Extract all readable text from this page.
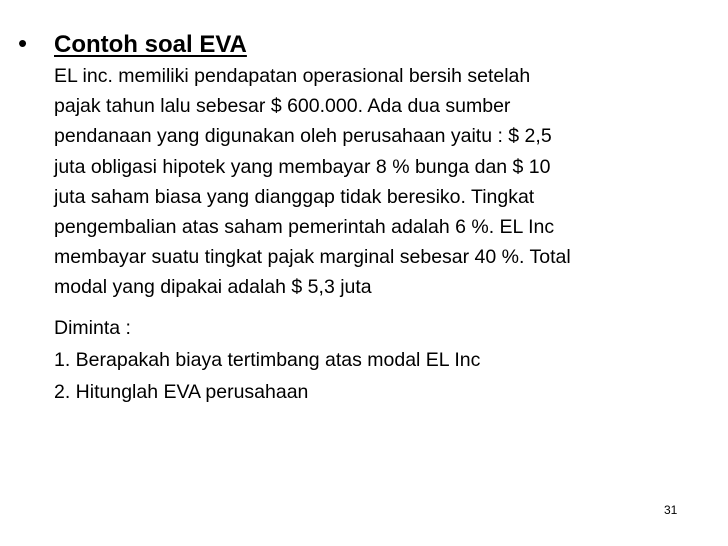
• Contoh soal EVA
EL inc. memiliki pendapatan operasional bersih setelah
pajak tahun lalu sebesar $ 600.000. Ada dua sumber
pendanaan yang digunakan oleh perusahaan yaitu : $ 2,5
juta obligasi hipotek yang membayar 8 % bunga dan $ 10
juta saham biasa yang dianggap tidak beresiko. Tingkat
pengembalian atas saham pemerintah adalah 6 %. EL Inc
membayar suatu tingkat pajak marginal sebesar 40 %. Total
modal yang dipakai adalah $ 5,3 juta
Diminta :
1. Berapakah biaya tertimbang atas modal EL Inc
2. Hitunglah EVA perusahaan
31
